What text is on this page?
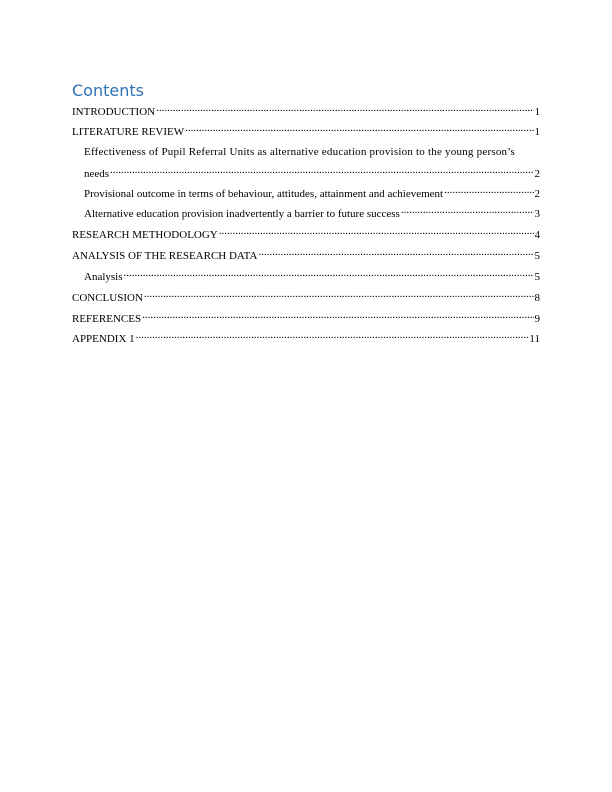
Contents
INTRODUCTION .....	1
LITERATURE REVIEW .....	1
Effectiveness of Pupil Referral Units as alternative education provision to the young person’s
needs .....	2
Provisional outcome in terms of behaviour, attitudes, attainment and achievement .....	2
Alternative education provision inadvertently a barrier to future success .....	3
RESEARCH METHODOLOGY .....	4
ANALYSIS OF THE RESEARCH DATA .....	5
Analysis .....	5
CONCLUSION .....	8
REFERENCES .....	9
APPENDIX 1 .....	11
